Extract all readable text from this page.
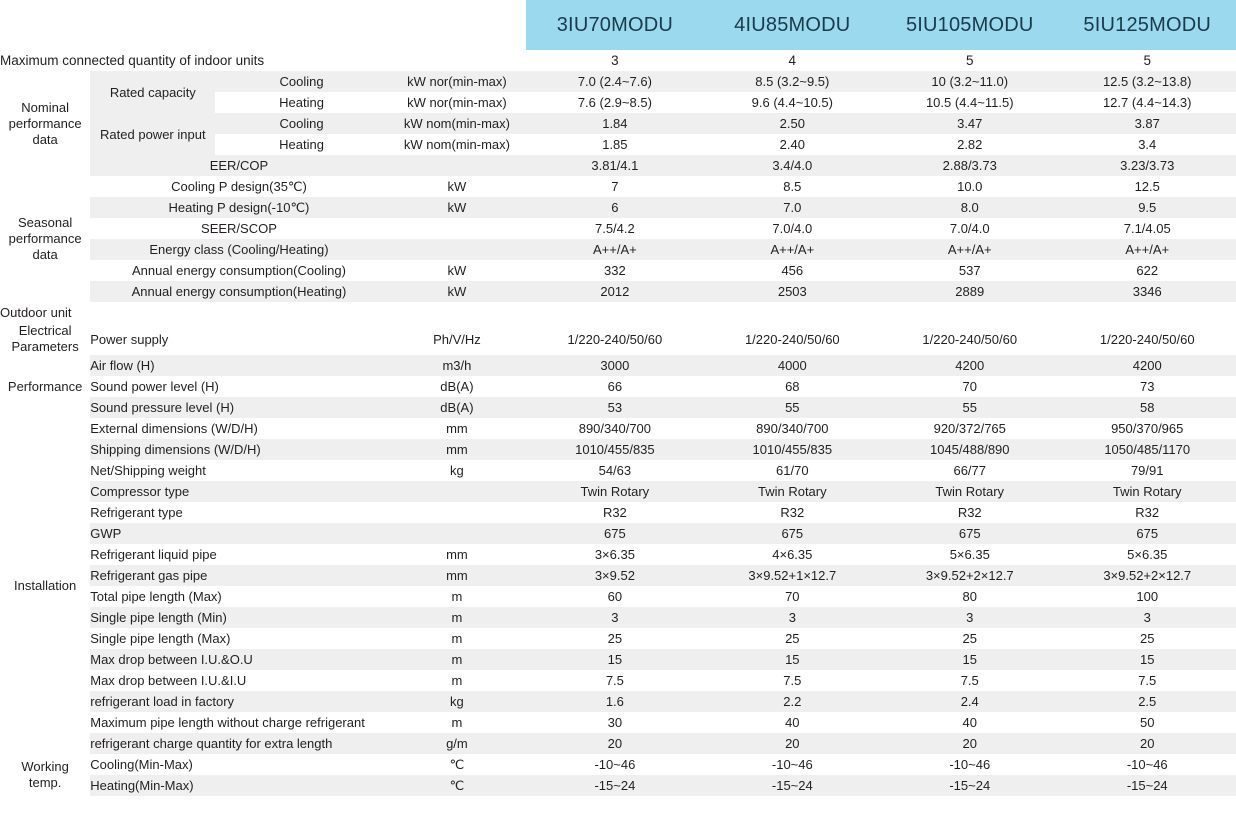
				3IU70MODU	4IU85MODU	5IU105MODU	5IU125MODU
Maximum connected quantity of indoor units				3	4	5	5

Nominal
performance
data	Rated capacity	Cooling	kW nor(min-max)	7.0 (2.4~7.6)	8.5 (3.2~9.5)	10 (3.2~11.0)	12.5 (3.2~13.8)
		Heating	kW nor(min-max)	7.6 (2.9~8.5)	9.6 (4.4~10.5)	10.5 (4.4~11.5)	12.7 (4.4~14.3)
	Rated power input	Cooling	kW nom(min-max)	1.84	2.50	3.47	3.87
		Heating	kW nom(min-max)	1.85	2.40	2.82	3.4
	EER/COP			3.81/4.1	3.4/4.0	2.88/3.73	3.23/3.73

Seasonal
performance
data	Cooling P design(35℃)		kW	7	8.5	10.0	12.5
	Heating P design(-10℃)		kW	6	7.0	8.0	9.5
	SEER/SCOP			7.5/4.2	7.0/4.0	7.0/4.0	7.1/4.05
	Energy class (Cooling/Heating)			A++/A+	A++/A+	A++/A+	A++/A+
	Annual energy consumption(Cooling)		kW	332	456	537	622
	Annual energy consumption(Heating)		kW	2012	2503	2889	3346
Outdoor unit							

Electrical
Parameters	Power supply		Ph/V/Hz	1/220-240/50/60	1/220-240/50/60	1/220-240/50/60	1/220-240/50/60

Performance	Air flow (H)		m3/h	3000	4000	4200	4200
	Sound power level (H)		dB(A)	66	68	70	73
	Sound pressure level (H)		dB(A)	53	55	55	58

Installation	External dimensions (W/D/H)		mm	890/340/700	890/340/700	920/372/765	950/370/965
	Shipping dimensions (W/D/H)		mm	1010/455/835	1010/455/835	1045/488/890	1050/485/1170
	Net/Shipping weight		kg	54/63	61/70	66/77	79/91
	Compressor type			Twin Rotary	Twin Rotary	Twin Rotary	Twin Rotary
	Refrigerant type			R32	R32	R32	R32
	GWP			675	675	675	675
	Refrigerant liquid pipe		mm	3×6.35	4×6.35	5×6.35	5×6.35
	Refrigerant gas pipe		mm	3×9.52	3×9.52+1×12.7	3×9.52+2×12.7	3×9.52+2×12.7
	Total pipe length (Max)		m	60	70	80	100
	Single pipe length (Min)		m	3	3	3	3
	Single pipe length (Max)		m	25	25	25	25
	Max drop between I.U.&O.U		m	15	15	15	15
	Max drop between I.U.&I.U		m	7.5	7.5	7.5	7.5
	refrigerant load in factory		kg	1.6	2.2	2.4	2.5

	Maximum pipe length without charge refrigerant		m	30	40	40	50

	refrigerant charge quantity for extra length		g/m	20	20	20	20

Working
temp.	Cooling(Min-Max)		℃	-10~46	-10~46	-10~46	-10~46
	Heating(Min-Max)		℃	-15~24	-15~24	-15~24	-15~24
